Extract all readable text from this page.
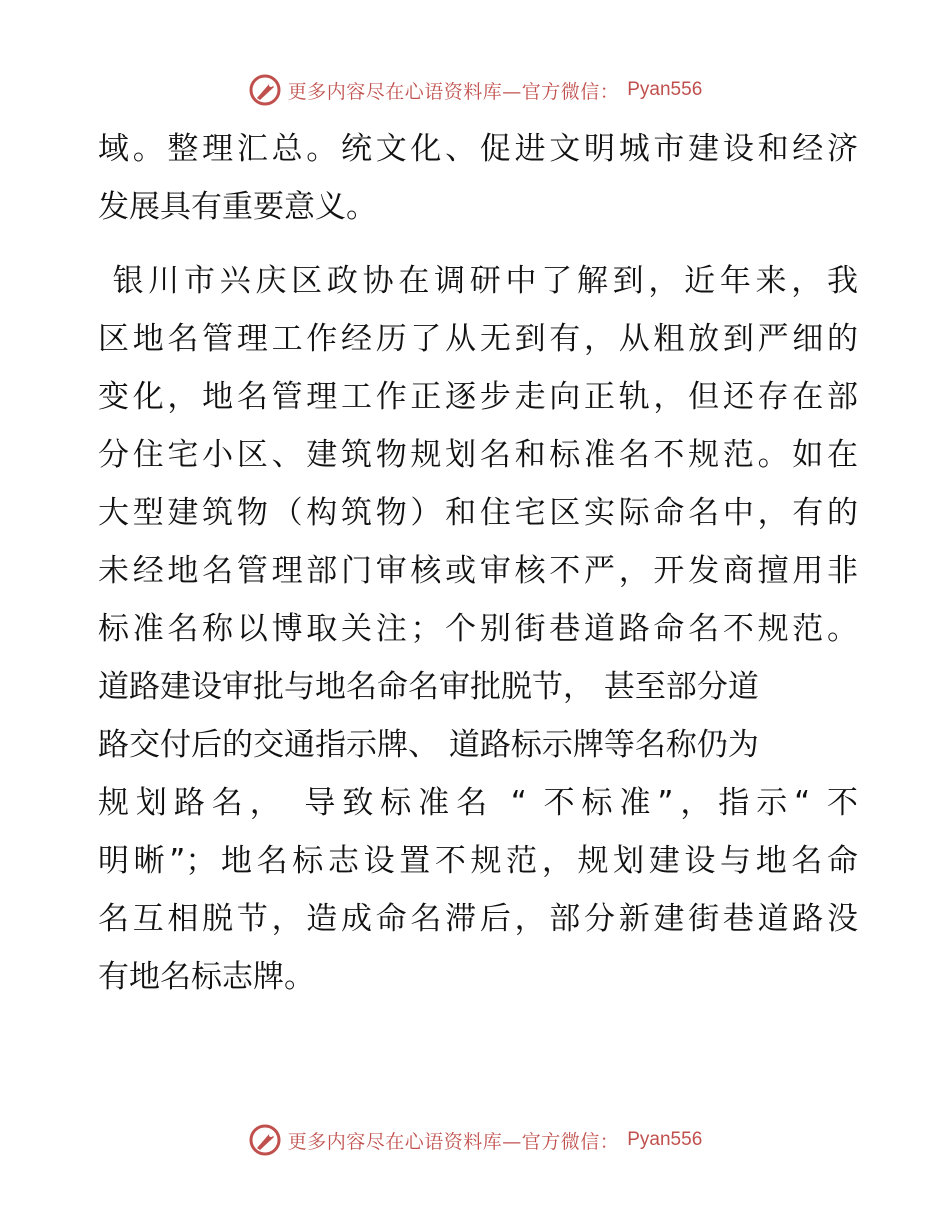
更多内容尽在心语资料库—官方微信： Pyan556
域。整理汇总。统文化、促进文明城市建设和经济
发展具有重要意义。
银川市兴庆区政协在调研中了解到，近年来，我
区地名管理工作经历了从无到有，从粗放到严细的
变化，地名管理工作正逐步走向正轨，但还存在部
分住宅小区、建筑物规划名和标准名不规范。如在
大型建筑物（构筑物）和住宅区实际命名中，有的
未经地名管理部门审核或审核不严，开发商擅用非
标准名称以博取关注；个别街巷道路命名不规范。
道路建设审批与地名命名审批脱节， 甚至部分道
路交付后的交通指示牌、 道路标示牌等名称仍为
规划路名， 导致标准名 “ 不标准”，指示“ 不
明晰”；地名标志设置不规范，规划建设与地名命
名互相脱节，造成命名滞后，部分新建街巷道路没
有地名标志牌。
更多内容尽在心语资料库—官方微信： Pyan556
